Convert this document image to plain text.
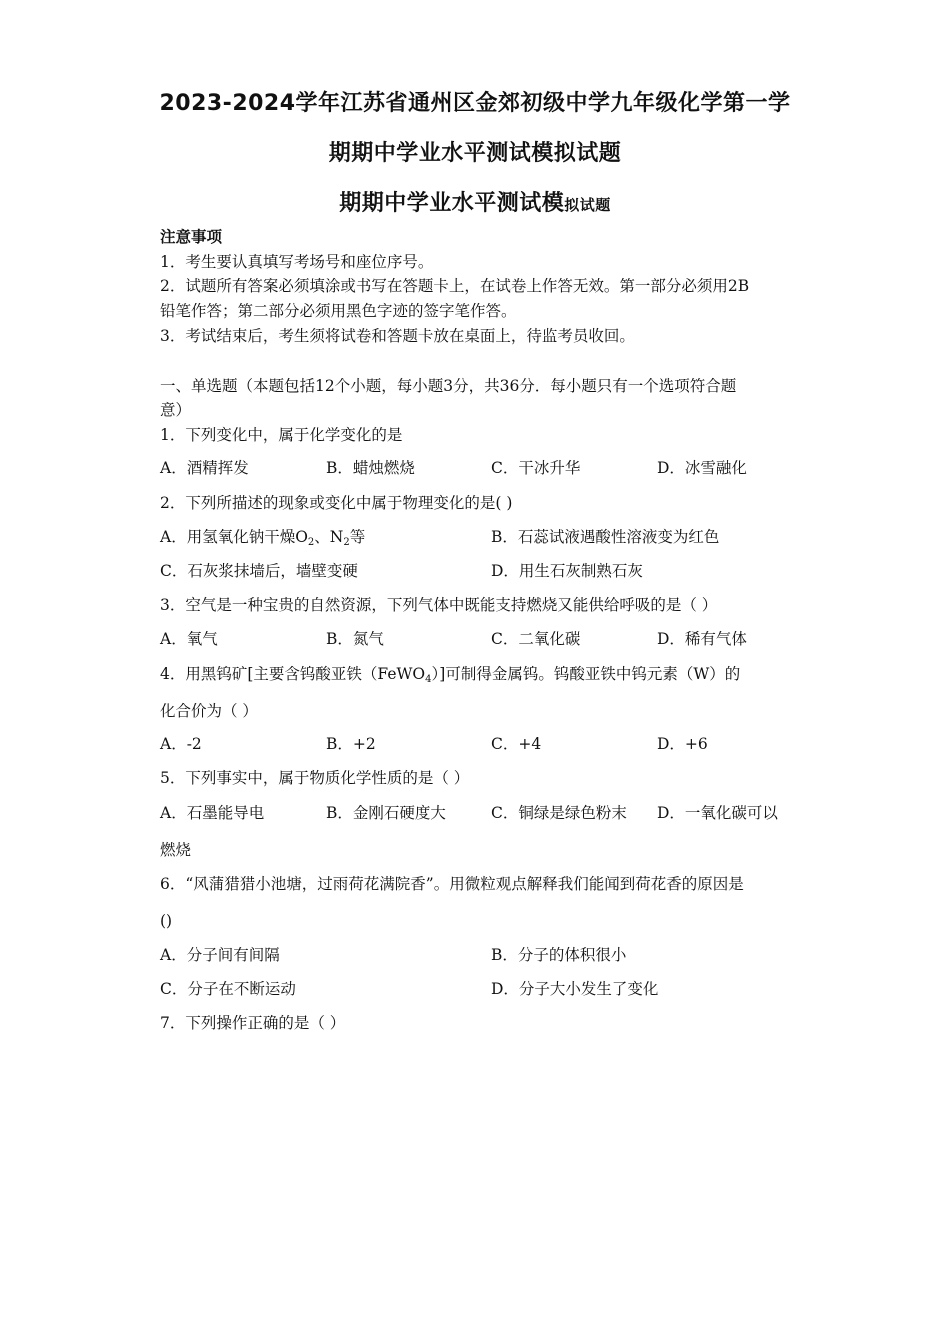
2023-2024学年江苏省通州区金郊初级中学九年级化学第一学
期期中学业水平测试模拟试题
期期中学业水平测试模拟试题
注意事项
1．考生要认真填写考场号和座位序号。
2．试题所有答案必须填涂或书写在答题卡上，在试卷上作答无效。第一部分必须用2B
铅笔作答；第二部分必须用黑色字迹的签字笔作答。
3．考试结束后，考生须将试卷和答题卡放在桌面上，待监考员收回。
一、单选题（本题包括12个小题，每小题3分，共36分．每小题只有一个选项符合题
意）
1．下列变化中，属于化学变化的是
A．酒精挥发	B．蜡烛燃烧	C．干冰升华	D．冰雪融化
2．下列所描述的现象或变化中属于物理变化的是( )
A．用氢氧化钠干燥$O_2$、$N_2$等	B．石蕊试液遇酸性溶液变为红色
C．石灰浆抹墙后，墙壁变硬	D．用生石灰制熟石灰
3．空气是一种宝贵的自然资源，下列气体中既能支持燃烧又能供给呼吸的是（ ）
A．氧气	B．氮气	C．二氧化碳	D．稀有气体
4．用黑钨矿[主要含钨酸亚铁（FeWO$_4$）]可制得金属钨。钨酸亚铁中钨元素（W）的
化合价为（ ）
A．-2	B．+2	C．+4	D．+6
5．下列事实中，属于物质化学性质的是（ ）
A．石墨能导电	B．金刚石硬度大	C．铜绿是绿色粉末 D．一氧化碳可以
燃烧
6．“风蒲猎猎小池塘，过雨荷花满院香”。用微粒观点解释我们能闻到荷花香的原因是
()
A．分子间有间隔	B．分子的体积很小
C．分子在不断运动	D．分子大小发生了变化
7．下列操作正确的是（ ）
